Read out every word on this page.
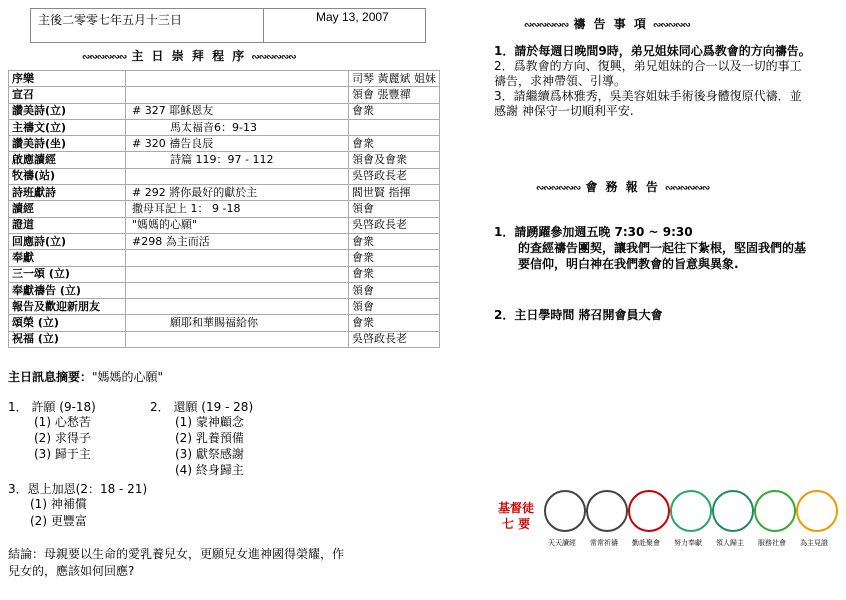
主後二零零七年五月十三日	May 13, 2007
∾∾∾∾∾∾ 主 日 崇 拜 程 序 ∾∾∾∾∾∾
序樂		司琴 黃麗斌 姐妹
宣召		領會 張豐禪
讚美詩(立)	# 327 耶穌恩友	會衆
主禱文(立)	馬太福音6：9-13	
讚美詩(坐)	# 320 禱告良辰	會衆
啟應讀經	詩篇 119：97 - 112	領會及會衆
牧禱(站)		吳啓政長老
詩班獻詩	# 292 將你最好的獻於主	閻世賢 指揮
讀經	撒母耳記上 1： 9 -18	領會
證道	"媽媽的心願"	吳啓政長老
回應詩(立)	#298 為主而活	會衆
奉獻		會衆
三一頌 (立)		會衆
奉獻禱告 (立)		領會
報告及歡迎新朋友		領會
頌榮 (立)	願耶和華賜福給你	會衆
祝福 (立)		吳啓政長老
主日訊息摘要："媽媽的心願"
1． 許願 (9-18)
(1) 心愁苦
(2) 求得子
(3) 歸于主
2． 還願 (19 - 28)
(1) 蒙神顧念
(2) 乳養預備
(3) 獻祭感謝
(4) 終身歸主
3．恩上加恩(2：18 - 21)
(1) 神補償
(2) 更豐富
結論：母親要以生命的愛乳養兒女，更願兒女進神國得榮耀，作
兒女的，應該如何回應?
∾∾∾∾∾∾ 禱 告 事 項 ∾∾∾∾∾
1．請於每週日晚間9時，弟兄姐妹同心爲教會的方向禱告。
2．爲教會的方向、復興，弟兄姐妹的合一以及一切的事工
禱告，求神帶領、引導。
3．請繼續爲林雅秀，吳美容姐妹手術後身體復原代禱．並
感謝 神保守一切順利平安.
∾∾∾∾∾∾ 會 務 報 告 ∾∾∾∾∾∾
1．請踴躍參加週五晚 7:30 ~ 9:30
的查經禱告團契，讓我們一起往下紮根，堅固我們的基
要信仰，明白神在我們教會的旨意與異象.
2．主日學時間 將召開會員大會
基督徒
七 要
天天讀經 常常祈禱 勤赴聚會 努力奉獻 領人歸主 服務社會 為主見證
